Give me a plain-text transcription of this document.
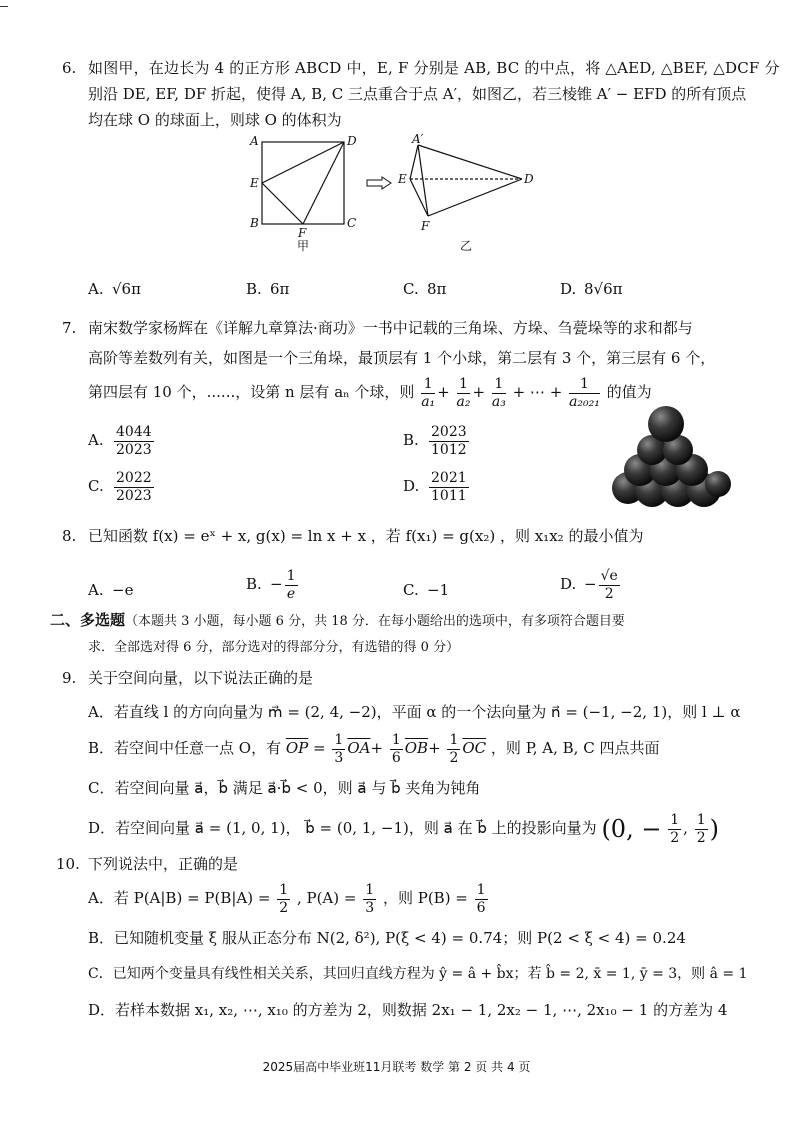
6. 如图甲，在边长为 4 的正方形 ABCD 中，E, F 分别是 AB, BC 的中点，将 △AED, △BEF, △DCF 分
别沿 DE, EF, DF 折起，使得 A, B, C 三点重合于点 A′，如图乙，若三棱锥 A′ − EFD 的所有顶点
均在球 O 的球面上，则球 O 的体积为
A	D
E
B
F
C
甲
A′
E	D
F
乙
A. √6π	B. 6π	C. 8π	D. 8√6π
7. 南宋数学家杨辉在《详解九章算法·商功》一书中记载的三角垛、方垛、刍甍垛等的求和都与
高阶等差数列有关，如图是一个三角垛，最顶层有 1 个小球，第二层有 3 个，第三层有 6 个，
第四层有 10 个，......，设第 n 层有 aₙ 个球，则 $\frac{1}{\text{a₁}} + \frac{1}{\text{a₂}} + \frac{1}{\text{a₃}}$ + ⋯ + $\frac{1}{\text{a₂₀₂₁}}$ 的值为
A. $\frac{4044}{2023}$	B. $\frac{2023}{1012}$
C. $\frac{2022}{2023}$	D. $\frac{2021}{1011}$
8. 已知函数 f(x) = eˣ + x, g(x) = ln x + x ，若 f(x₁) = g(x₂) ，则 x₁x₂ 的最小值为
A. −e	B. − $\frac{1}{e}$	C. −1	D. − $\frac{√e}{2}$
二、多选题（本题共 3 小题，每小题 6 分，共 18 分．在每小题给出的选项中，有多项符合题目要
求．全部选对得 6 分，部分选对的得部分分，有选错的得 0 分）
9. 关于空间向量，以下说法正确的是
A．若直线 l 的方向向量为 m⃗ = (2, 4, −2)，平面 α 的一个法向量为 n⃗ = (−1, −2, 1)，则 l ⊥ α
B．若空间中任意一点 O，有 $\overline{OP} = \frac{1}{3} \overline{OA}+ \frac{1}{6} \overline{OB}+ \frac{1}{2} \overline{OC}$ ，则 P, A, B, C 四点共面
C．若空间向量 a⃗，b⃗ 满足 a⃗·b⃗ < 0，则 a⃗ 与 b⃗ 夹角为钝角
D．若空间向量 a⃗ = (1, 0, 1)， b⃗ = (0, 1, −1)，则 a⃗ 在 b⃗ 上的投影向量为 (0, − $\frac{1}{2}$ , $\frac{1}{2}$ )
10. 下列说法中，正确的是
A．若 $P(A|B) = P(B|A) = \frac{1}{2}$ , $P(A) = \frac{1}{3}$ ，则 $P(B) = \frac{1}{6}$
B．已知随机变量 ξ 服从正态分布 N(2, δ²), P(ξ < 4) = 0.74；则 P(2 < ξ < 4) = 0.24
C．已知两个变量具有线性相关关系，其回归直线方程为 ŷ = â + b̂x；若 b̂ = 2, x̄ = 1, ȳ = 3，则 â = 1
D．若样本数据 x₁, x₂, ⋯, x₁₀ 的方差为 2，则数据 2x₁ − 1, 2x₂ − 1, ⋯, 2x₁₀ − 1 的方差为 4
2025届高中毕业班11月联考 数学 第 2 页 共 4 页
